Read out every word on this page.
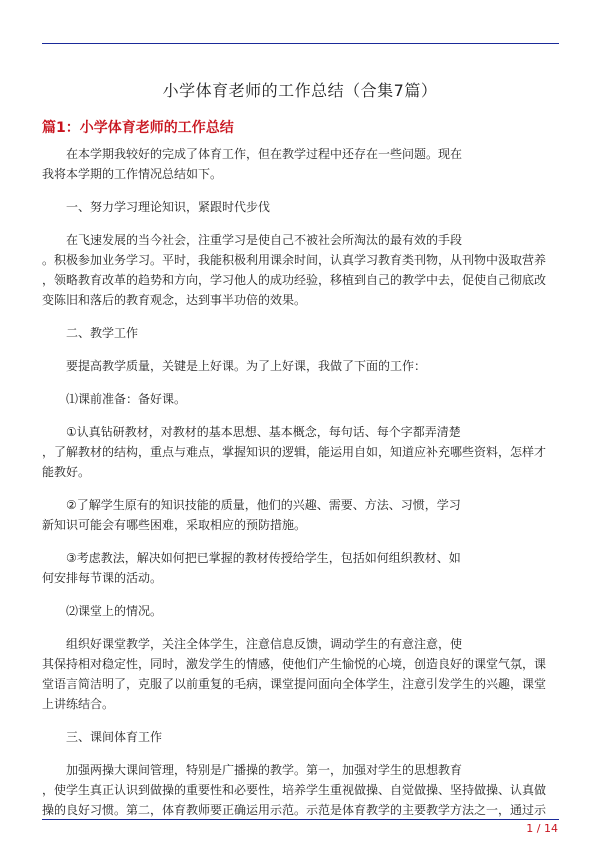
小学体育老师的工作总结（合集7篇）
篇1：小学体育老师的工作总结

在本学期我较好的完成了体育工作，但在教学过程中还存在一些问题。现在
我将本学期的工作情况总结如下。

一、努力学习理论知识，紧跟时代步伐

在飞速发展的当今社会，注重学习是使自己不被社会所淘汰的最有效的手段
。积极参加业务学习。平时，我能积极利用课余时间，认真学习教育类刊物，从刊物中汲取营养
，领略教育改革的趋势和方向，学习他人的成功经验，移植到自己的教学中去，促使自己彻底改
变陈旧和落后的教育观念，达到事半功倍的效果。

二、教学工作

要提高教学质量，关键是上好课。为了上好课，我做了下面的工作：

⑴课前准备：备好课。

①认真钻研教材，对教材的基本思想、基本概念，每句话、每个字都弄清楚
，了解教材的结构，重点与难点，掌握知识的逻辑，能运用自如，知道应补充哪些资料，怎样才
能教好。

②了解学生原有的知识技能的质量，他们的兴趣、需要、方法、习惯，学习
新知识可能会有哪些困难，采取相应的预防措施。

③考虑教法，解决如何把已掌握的教材传授给学生，包括如何组织教材、如
何安排每节课的活动。

⑵课堂上的情况。

组织好课堂教学，关注全体学生，注意信息反馈，调动学生的有意注意，使
其保持相对稳定性，同时，激发学生的情感，使他们产生愉悦的心境，创造良好的课堂气氛，课
堂语言简洁明了，克服了以前重复的毛病，课堂提问面向全体学生，注意引发学生的兴趣，课堂
上讲练结合。

三、课间体育工作

加强两操大课间管理，特别是广播操的教学。第一，加强对学生的思想教育
，使学生真正认识到做操的重要性和必要性，培养学生重视做操、自觉做操、坚持做操、认真做
操的良好习惯。第二，体育教师要正确运用示范。示范是体育教学的主要教学方法之一，通过示

1 / 14
